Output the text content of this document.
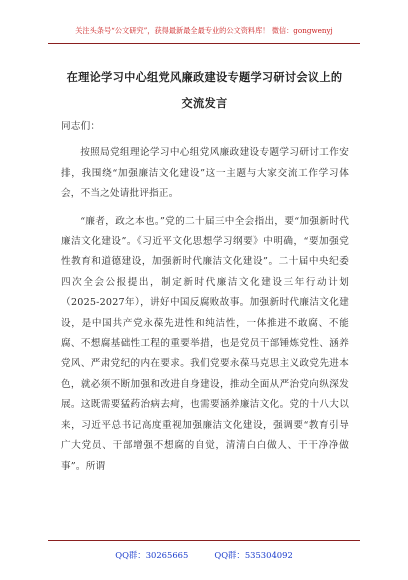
关注头条号“公文研究”，获得最新最全最专业的公文资料库！ 微信：gongwenyj
在理论学习中心组党风廉政建设专题学习研讨会议上的交流发言

同志们：

按照局党组理论学习中心组党风廉政建设专题学习研讨工作安排，我围绕“加强廉洁文化建设”这一主题与大家交流工作学习体会，不当之处请批评指正。

“廉者，政之本也。”党的二十届三中全会指出，要“加强新时代廉洁文化建设”。《习近平文化思想学习纲要》中明确，“要加强党性教育和道德建设，加强新时代廉洁文化建设”。二十届中央纪委四次全会公报提出，制定新时代廉洁文化建设三年行动计划（2025-2027年），讲好中国反腐败故事。加强新时代廉洁文化建设，是中国共产党永葆先进性和纯洁性，一体推进不敢腐、不能腐、不想腐基础性工程的重要举措，也是党员干部锤炼党性、涵养党风、严肃党纪的内在要求。我们党要永葆马克思主义政党先进本色，就必须不断加强和改进自身建设，推动全面从严治党向纵深发展。这既需要猛药治病去疴，也需要涵养廉洁文化。党的十八大以来，习近平总书记高度重视加强廉洁文化建设，强调要“教育引导广大党员、干部增强不想腐的自觉，清清白白做人、干干净净做事”。所谓

QQ群：30265665	QQ群：535304092
